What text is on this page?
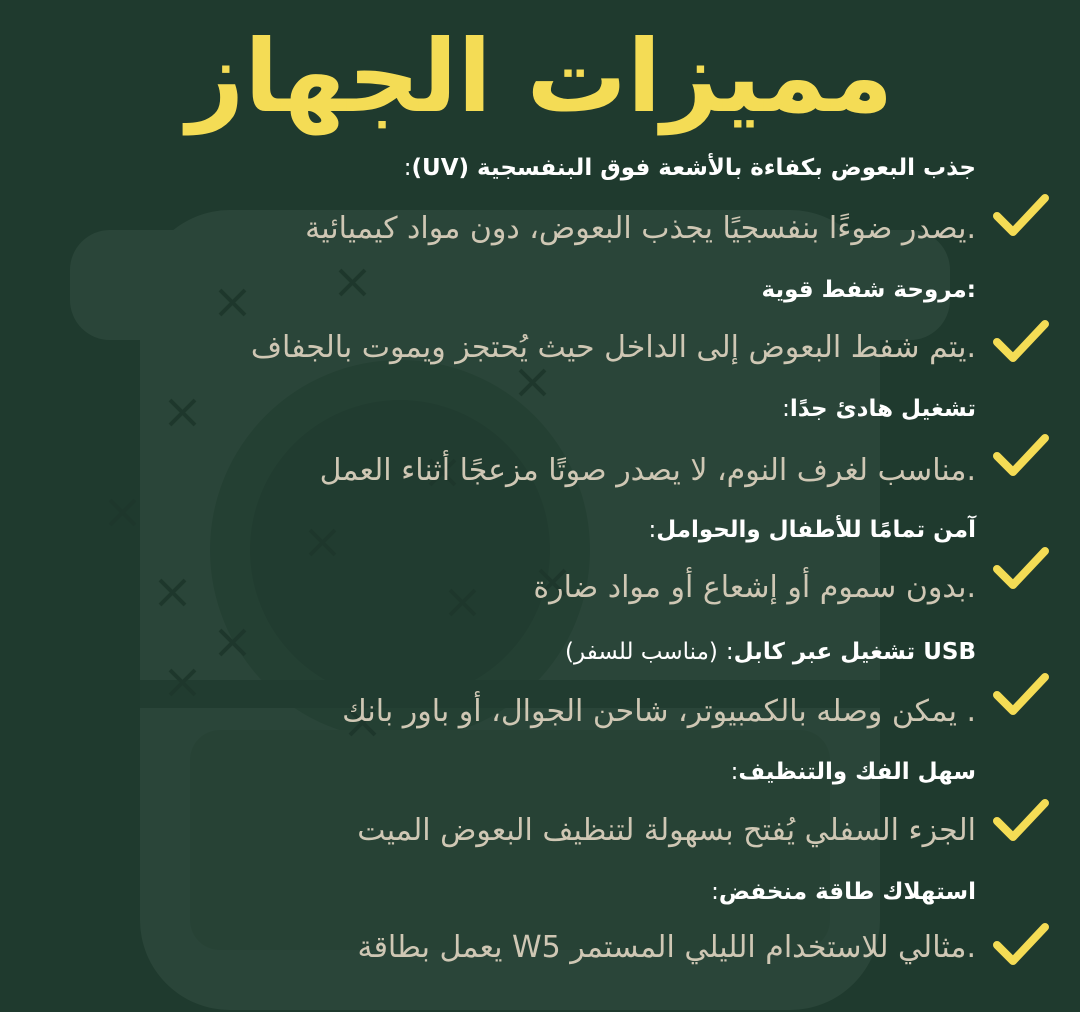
مميزات الجهاز
جذب البعوض بكفاءة بالأشعة فوق البنفسجية (UV):
.يصدر ضوءًا بنفسجيًا يجذب البعوض، دون مواد كيميائية
:مروحة شفط قوية
.يتم شفط البعوض إلى الداخل حيث يُحتجز ويموت بالجفاف
تشغيل هادئ جدًا:
.مناسب لغرف النوم، لا يصدر صوتًا مزعجًا أثناء العمل
آمن تمامًا للأطفال والحوامل:
.بدون سموم أو إشعاع أو مواد ضارة
USB تشغيل عبر كابل: (مناسب للسفر)
. يمكن وصله بالكمبيوتر، شاحن الجوال، أو باور بانك
سهل الفك والتنظيف:
الجزء السفلي يُفتح بسهولة لتنظيف البعوض الميت
استهلاك طاقة منخفض:
.مثالي للاستخدام الليلي المستمر W5 يعمل بطاقة
